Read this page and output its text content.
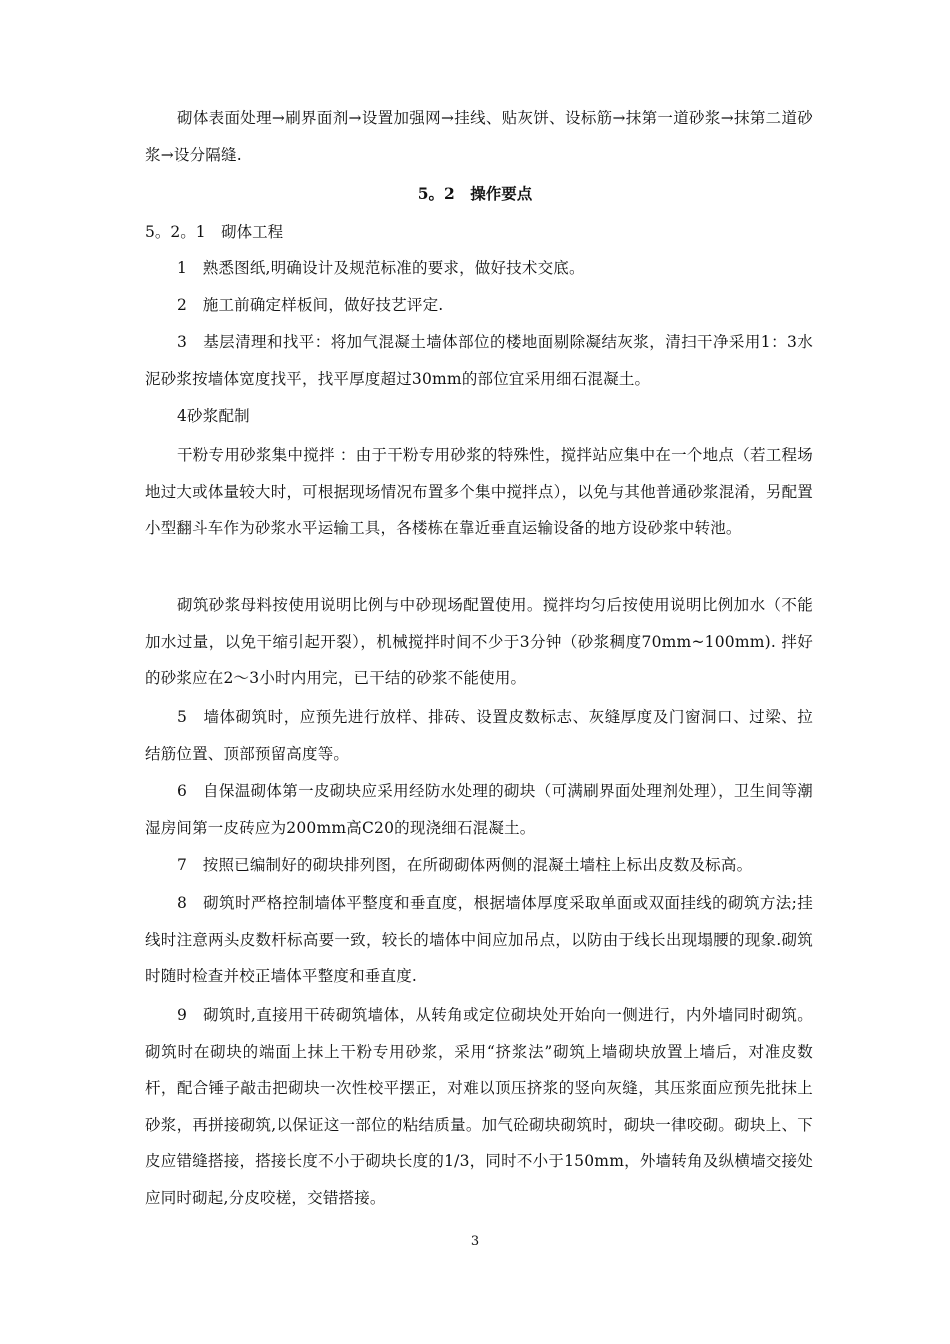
砌体表面处理→刷界面剂→设置加强网→挂线、贴灰饼、设标筋→抹第一道砂浆→抹第二道砂浆→设分隔缝.

5。2　操作要点

5。2。1　砌体工程

1　熟悉图纸,明确设计及规范标准的要求，做好技术交底。

2　施工前确定样板间，做好技艺评定.

3　基层清理和找平：将加气混凝土墙体部位的楼地面剔除凝结灰浆，清扫干净采用1：3水泥砂浆按墙体宽度找平，找平厚度超过30mm的部位宜采用细石混凝土。

4砂浆配制

干粉专用砂浆集中搅拌 ：由于干粉专用砂浆的特殊性，搅拌站应集中在一个地点（若工程场地过大或体量较大时，可根据现场情况布置多个集中搅拌点），以免与其他普通砂浆混淆，另配置小型翻斗车作为砂浆水平运输工具，各楼栋在靠近垂直运输设备的地方设砂浆中转池。

砌筑砂浆母料按使用说明比例与中砂现场配置使用。搅拌均匀后按使用说明比例加水（不能加水过量，以免干缩引起开裂），机械搅拌时间不少于3分钟（砂浆稠度70mm~100mm). 拌好的砂浆应在2～3小时内用完，已干结的砂浆不能使用。

5　墙体砌筑时，应预先进行放样、排砖、设置皮数标志、灰缝厚度及门窗洞口、过梁、拉结筋位置、顶部预留高度等。

6　自保温砌体第一皮砌块应采用经防水处理的砌块（可满刷界面处理剂处理），卫生间等潮湿房间第一皮砖应为200mm高C20的现浇细石混凝土。

7　按照已编制好的砌块排列图，在所砌砌体两侧的混凝土墙柱上标出皮数及标高。

8　砌筑时严格控制墙体平整度和垂直度，根据墙体厚度采取单面或双面挂线的砌筑方法;挂线时注意两头皮数杆标高要一致，较长的墙体中间应加吊点，以防由于线长出现塌腰的现象.砌筑时随时检查并校正墙体平整度和垂直度.

9　砌筑时,直接用干砖砌筑墙体，从转角或定位砌块处开始向一侧进行，内外墙同时砌筑。砌筑时在砌块的端面上抹上干粉专用砂浆，采用“挤浆法”砌筑上墙砌块放置上墙后，对准皮数杆，配合锤子敲击把砌块一次性校平摆正，对难以顶压挤浆的竖向灰缝，其压浆面应预先批抹上砂浆，再拼接砌筑,以保证这一部位的粘结质量。加气砼砌块砌筑时，砌块一律咬砌。砌块上、下皮应错缝搭接，搭接长度不小于砌块长度的1/3，同时不小于150mm，外墙转角及纵横墙交接处应同时砌起,分皮咬槎，交错搭接。

3
